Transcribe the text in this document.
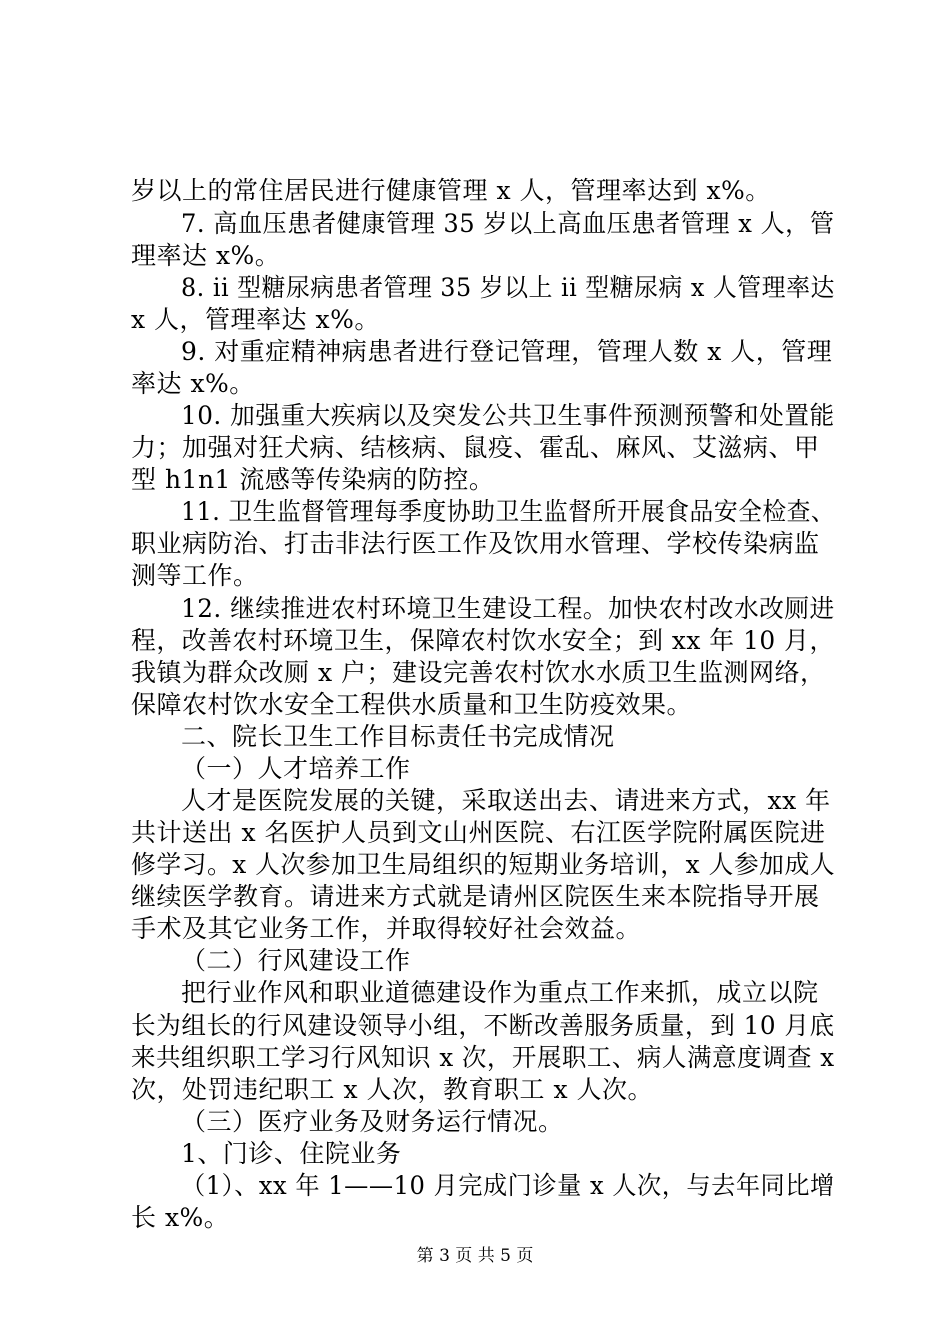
岁以上的常住居民进行健康管理 x 人，管理率达到 x%。
7. 高血压患者健康管理 35 岁以上高血压患者管理 x 人，管
理率达 x%。
8. ii 型糖尿病患者管理 35 岁以上 ii 型糖尿病 x 人管理率达
x 人，管理率达 x%。
9. 对重症精神病患者进行登记管理，管理人数 x 人，管理
率达 x%。
10. 加强重大疾病以及突发公共卫生事件预测预警和处置能
力；加强对狂犬病、结核病、鼠疫、霍乱、麻风、艾滋病、甲
型 h1n1 流感等传染病的防控。
11. 卫生监督管理每季度协助卫生监督所开展食品安全检查、
职业病防治、打击非法行医工作及饮用水管理、学校传染病监
测等工作。
12. 继续推进农村环境卫生建设工程。加快农村改水改厕进
程，改善农村环境卫生，保障农村饮水安全；到 xx 年 10 月，
我镇为群众改厕 x 户；建设完善农村饮水水质卫生监测网络，
保障农村饮水安全工程供水质量和卫生防疫效果。
二、院长卫生工作目标责任书完成情况
（一）人才培养工作
人才是医院发展的关键，采取送出去、请进来方式，xx 年
共计送出 x 名医护人员到文山州医院、右江医学院附属医院进
修学习。x 人次参加卫生局组织的短期业务培训，x 人参加成人
继续医学教育。请进来方式就是请州区院医生来本院指导开展
手术及其它业务工作，并取得较好社会效益。
（二）行风建设工作
把行业作风和职业道德建设作为重点工作来抓，成立以院
长为组长的行风建设领导小组，不断改善服务质量，到 10 月底
来共组织职工学习行风知识 x 次，开展职工、病人满意度调查 x
次，处罚违纪职工 x 人次，教育职工 x 人次。
（三）医疗业务及财务运行情况。
1、门诊、住院业务
（1）、xx 年 1——10 月完成门诊量 x 人次，与去年同比增
长 x%。
第 3 页 共 5 页
